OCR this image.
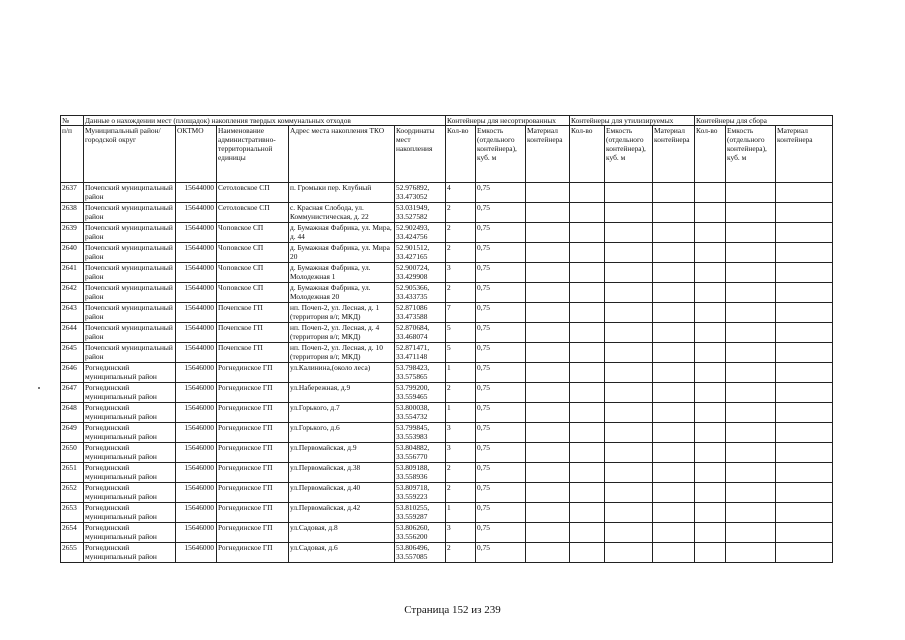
№	Данные о нахождении мест (площадок) накопления твердых коммунальных отходов					Контейнеры для несортированных			Контейнеры для утилизируемых			Контейнеры для сбора		
п/п	Муниципальный район/городской округ	ОКТМО	Наименование административно-территориальной единицы	Адрес места накопления ТКО	Координаты мест накопления	Кол-во	Емкость (отдельного контейнера), куб. м	Материал контейнера	Кол-во	Емкость (отдельного контейнера), куб. м	Материал контейнера	Кол-во	Емкость (отдельного контейнера), куб. м	Материал контейнера
2637	Почепский муниципальный район	15644000	Сетоловское СП	п. Громыки пер. Клубный	52.976892, 33.473052	4	0,75							
2638	Почепский муниципальный район	15644000	Сетоловское СП	с. Красная Слобода, ул. Коммунистическая, д. 22	53.031949, 33.527582	2	0,75							
2639	Почепский муниципальный район	15644000	Чоповское СП	д. Бумажная Фабрика, ул. Мира, д. 44	52.902493, 33.424756	2	0,75							
2640	Почепский муниципальный район	15644000	Чоповское СП	д. Бумажная Фабрика, ул. Мира 20	52.901512, 33.427165	2	0,75							
2641	Почепский муниципальный район	15644000	Чоповское СП	д. Бумажная Фабрика, ул. Молодежная 1	52.900724, 33.429908	3	0,75							
2642	Почепский муниципальный район	15644000	Чоповское СП	д. Бумажная Фабрика, ул. Молодежная 20	52.905366, 33.433735	2	0,75							
2643	Почепский муниципальный район	15644000	Почепское ГП	нп. Почеп-2, ул. Лесная, д. 1 (территория в/г, МКД)	52.871086 33.473588	7	0,75							
2644	Почепский муниципальный район	15644000	Почепское ГП	нп. Почеп-2, ул. Лесная, д. 4 (территория в/г, МКД)	52.870684, 33.468074	5	0,75							
2645	Почепский муниципальный район	15644000	Почепское ГП	нп. Почеп-2, ул. Лесная, д. 10 (территория в/г, МКД)	52.871471, 33.471148	5	0,75							
2646	Рогнединский муниципальный район	15646000	Рогнединское ГП	ул.Калинина,(около леса)	53.798423, 33.575865	1	0,75							
2647	Рогнединский муниципальный район	15646000	Рогнединское ГП	ул.Набережная, д.9	53.799200, 33.559465	2	0,75							
2648	Рогнединский муниципальный район	15646000	Рогнединское ГП	ул.Горького, д.7	53.800038, 33.554732	1	0,75							
2649	Рогнединский муниципальный район	15646000	Рогнединское ГП	ул.Горького, д.6	53.799845, 33.553983	3	0,75							
2650	Рогнединский муниципальный район	15646000	Рогнединское ГП	ул.Первомайская, д.9	53.804882, 33.556770	3	0,75							
2651	Рогнединский муниципальный район	15646000	Рогнединское ГП	ул.Первомайская, д.38	53.809188, 33.558936	2	0,75							
2652	Рогнединский муниципальный район	15646000	Рогнединское ГП	ул.Первомайская, д.40	53.809718, 33.559223	2	0,75							
2653	Рогнединский муниципальный район	15646000	Рогнединское ГП	ул.Первомайская, д.42	53.810255, 33.559287	1	0,75							
2654	Рогнединский муниципальный район	15646000	Рогнединское ГП	ул.Садовая, д.8	53.806260, 33.556200	3	0,75							
2655	Рогнединский муниципальный район	15646000	Рогнединское ГП	ул.Садовая, д.6	53.806496, 33.557085	2	0,75							
Страница 152 из 239
